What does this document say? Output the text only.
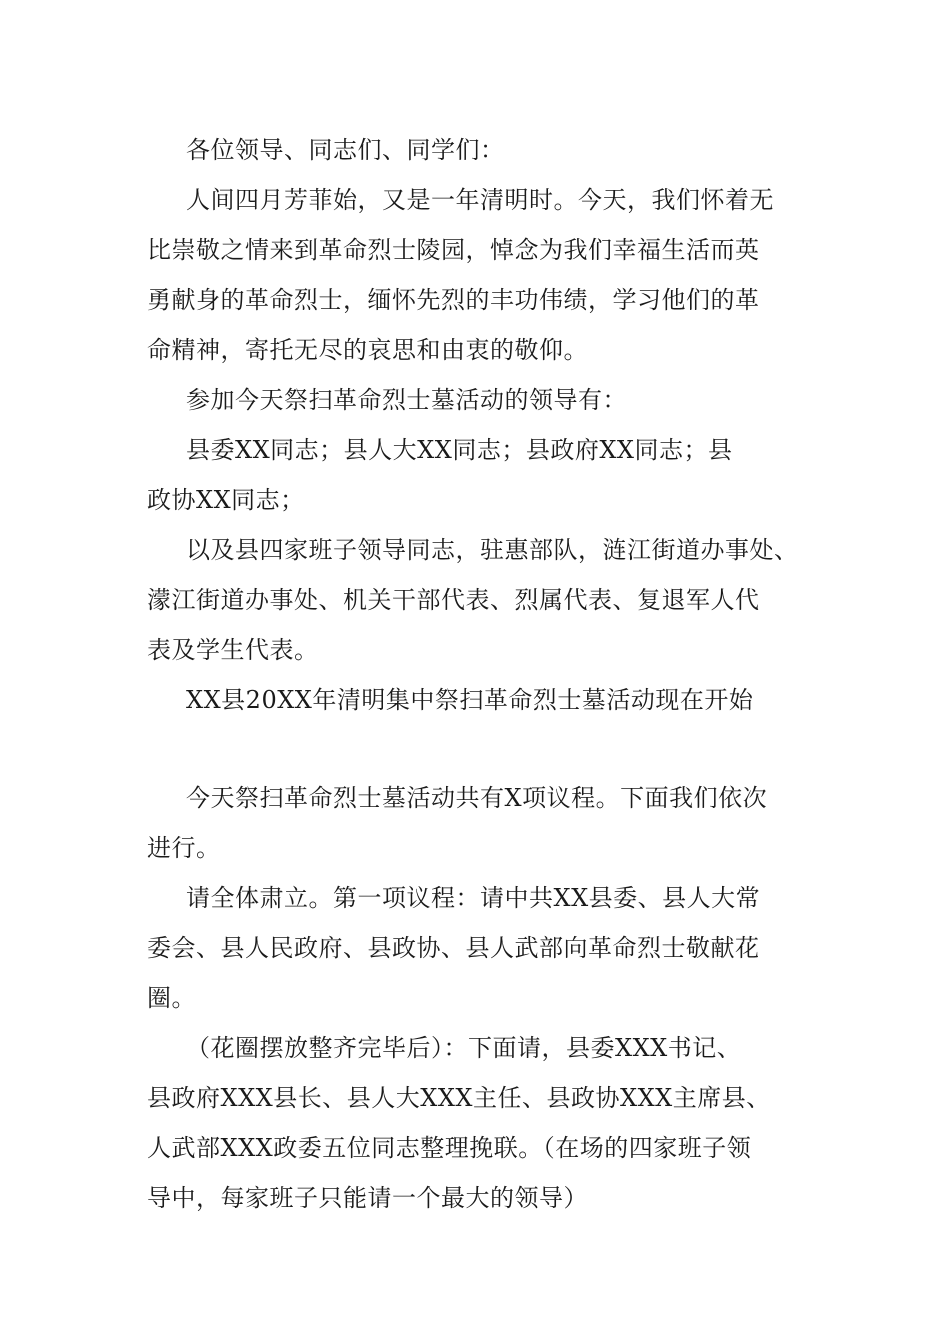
各位领导、同志们、同学们：

人间四月芳菲始，又是一年清明时。今天，我们怀着无

比崇敬之情来到革命烈士陵园，悼念为我们幸福生活而英

勇献身的革命烈士，缅怀先烈的丰功伟绩，学习他们的革

命精神，寄托无尽的哀思和由衷的敬仰。

参加今天祭扫革命烈士墓活动的领导有：

县委XX同志；县人大XX同志；县政府XX同志；县

政协XX同志；

以及县四家班子领导同志，驻惠部队，涟江街道办事处、

濛江街道办事处、机关干部代表、烈属代表、复退军人代

表及学生代表。

XX县20XX年清明集中祭扫革命烈士墓活动现在开始

今天祭扫革命烈士墓活动共有X项议程。下面我们依次

进行。

请全体肃立。第一项议程：请中共XX县委、县人大常

委会、县人民政府、县政协、县人武部向革命烈士敬献花

圈。

（花圈摆放整齐完毕后）：下面请，县委XXX书记、

县政府XXX县长、县人大XXX主任、县政协XXX主席县、

人武部XXX政委五位同志整理挽联。（在场的四家班子领

导中，每家班子只能请一个最大的领导）
